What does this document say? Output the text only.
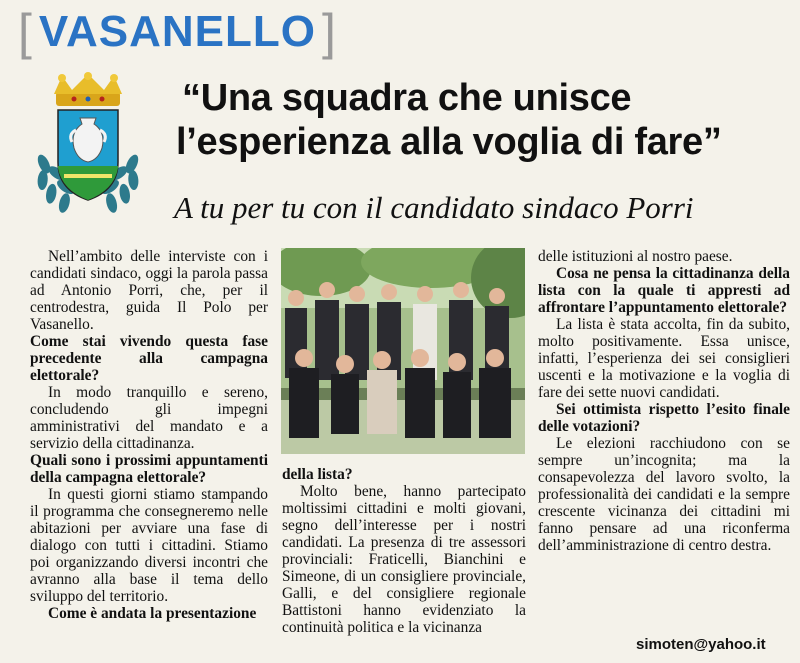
[ VASANELLO ]
“Una squadra che unisce
l’esperienza alla voglia di fare”
A tu per tu con il candidato sindaco Porri

Nell’ambito delle interviste con i candidati sindaco, oggi la parola passa ad Antonio Porri, che, per il centrodestra, guida Il Polo per Vasanello.

Come stai vivendo questa fase precedente alla campagna elettorale?

In modo tranquillo e sereno, concludendo gli impegni amministrativi del mandato e a servizio della cittadinanza.

Quali sono i prossimi appuntamenti della campagna elettorale?

In questi giorni stiamo stampando il programma che consegneremo nelle abitazioni per avviare una fase di dialogo con tutti i cittadini. Stiamo poi organizzando diversi incontri che avranno alla base il tema dello sviluppo del territorio.

Come è andata la presentazione

della lista?

Molto bene, hanno partecipato moltissimi cittadini e molti giovani, segno dell’interesse per i nostri candidati. La presenza di tre assessori provinciali: Fraticelli, Bianchini e Simeone, di un consigliere provinciale, Galli, e del consigliere regionale Battistoni hanno evidenziato la continuità politica e la vicinanza

delle istituzioni al nostro paese.

Cosa ne pensa la cittadinanza della lista con la quale ti appresti ad affrontare l’appuntamento elettorale?

La lista è stata accolta, fin da subito, molto positivamente. Essa unisce, infatti, l’esperienza dei sei consiglieri uscenti e la motivazione e la voglia di fare dei sette nuovi candidati.

Sei ottimista rispetto l’esito finale delle votazioni?

Le elezioni racchiudono con se sempre un’incognita; ma la consapevolezza del lavoro svolto, la professionalità dei candidati e la sempre crescente vicinanza dei cittadini mi fanno pensare ad una riconferma dell’amministrazione di centro destra.

simoten@yahoo.it
